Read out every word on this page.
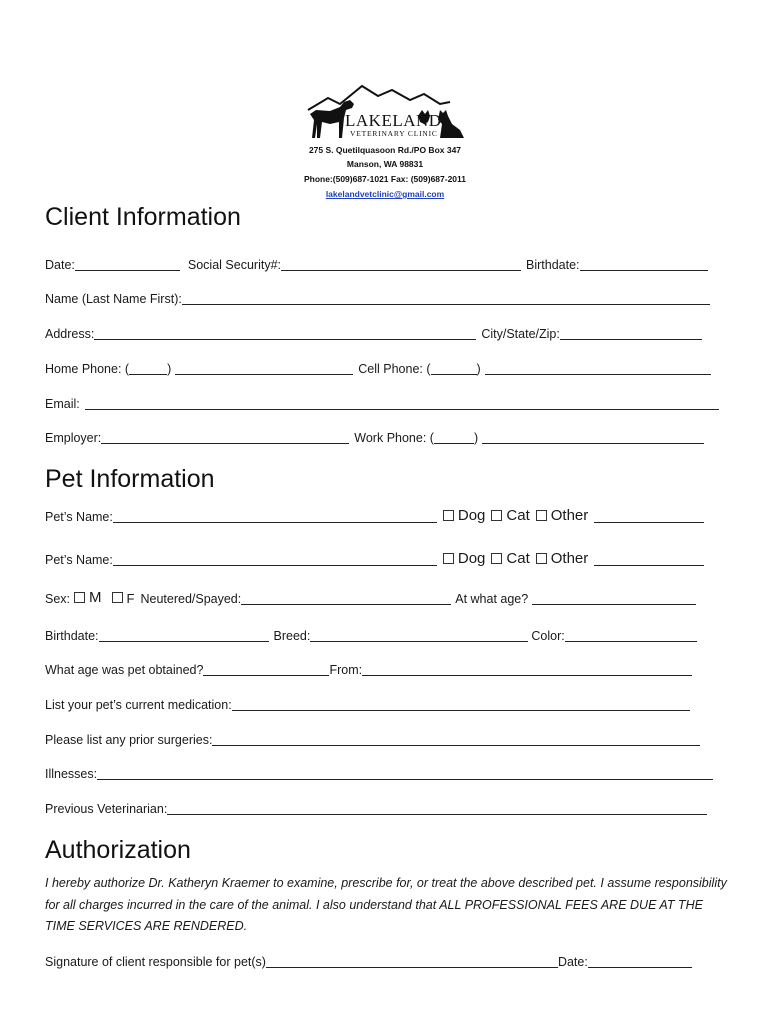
LAKELAND
VETERINARY CLINIC
275 S. Quetilquasoon Rd./PO Box 347
Manson, WA 98831
Phone:(509)687-1021 Fax: (509)687-2011
lakelandvetclinic@gmail.com
Client Information
Date:	Social Security#:	Birthdate:
Name (Last Name First):
Address:	City/State/Zip:
Home Phone: (	)	Cell Phone: (	)
Email:
Employer:	Work Phone: (	)
Pet Information
Pet’s Name:	Dog Cat Other
Pet’s Name:	Dog Cat Other
Sex: M F Neutered/Spayed:	At what age?
Birthdate:	Breed:	Color:
What age was pet obtained?	From:
List your pet’s current medication:
Please list any prior surgeries:
Illnesses:
Previous Veterinarian:
Authorization
I hereby authorize Dr. Katheryn Kraemer to examine, prescribe for, or treat the above described pet. I assume responsibility for all charges incurred in the care of the animal. I also understand that ALL PROFESSIONAL FEES ARE DUE AT THE TIME SERVICES ARE RENDERED.
Signature of client responsible for pet(s)	Date:
